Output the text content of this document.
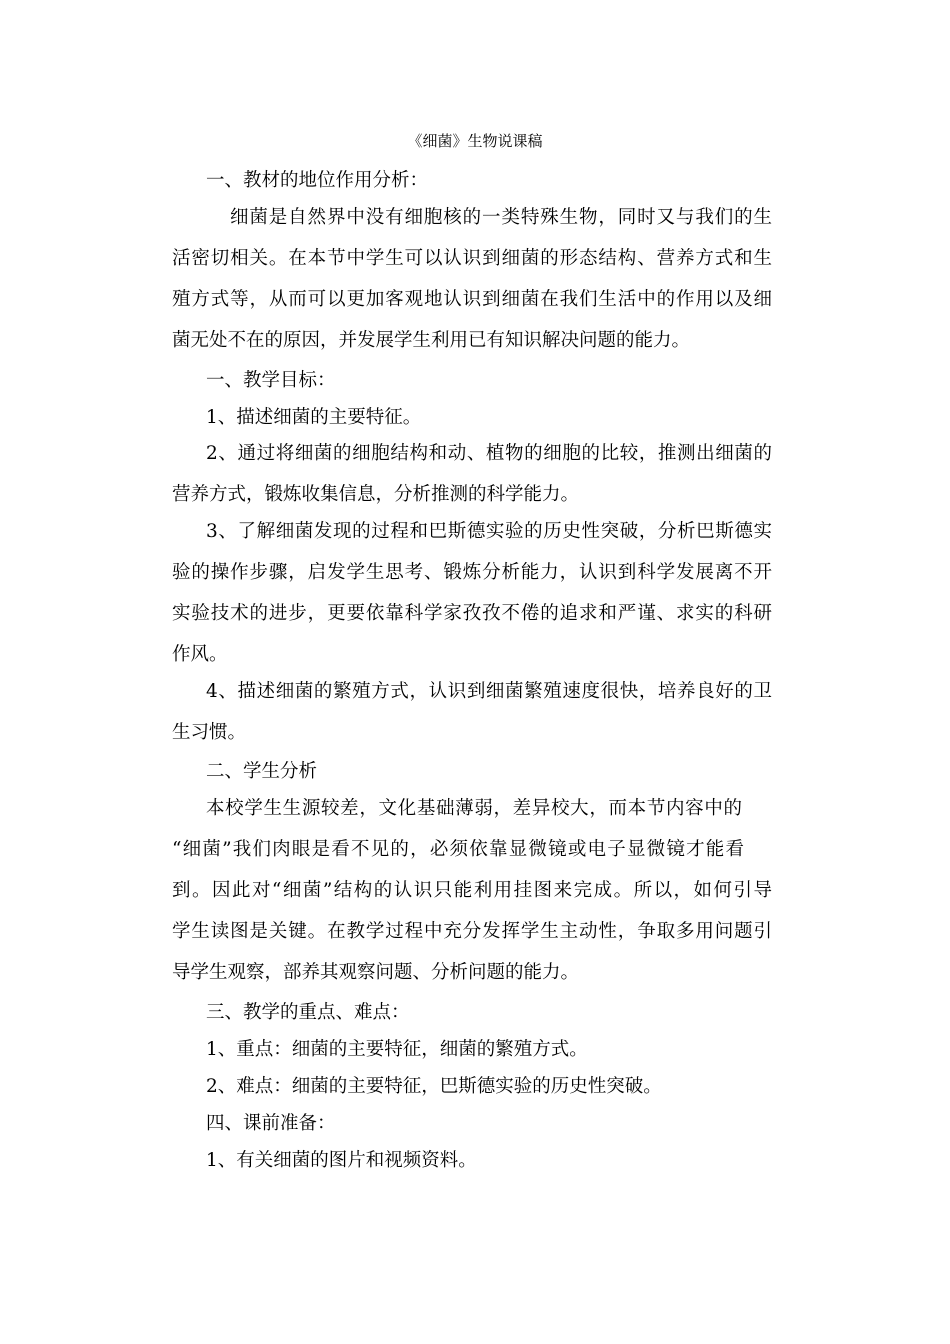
《细菌》生物说课稿
一、教材的地位作用分析：
细菌是自然界中没有细胞核的一类特殊生物，同时又与我们的生
活密切相关。在本节中学生可以认识到细菌的形态结构、营养方式和生
殖方式等，从而可以更加客观地认识到细菌在我们生活中的作用以及细
菌无处不在的原因，并发展学生利用已有知识解决问题的能力。
一、教学目标：
1、描述细菌的主要特征。
2、通过将细菌的细胞结构和动、植物的细胞的比较，推测出细菌的
营养方式，锻炼收集信息，分析推测的科学能力。
3、了解细菌发现的过程和巴斯德实验的历史性突破，分析巴斯德实
验的操作步骤，启发学生思考、锻炼分析能力，认识到科学发展离不开
实验技术的进步，更要依靠科学家孜孜不倦的追求和严谨、求实的科研
作风。
4、描述细菌的繁殖方式，认识到细菌繁殖速度很快，培养良好的卫
生习惯。
二、学生分析
本校学生生源较差，文化基础薄弱，差异校大，而本节内容中的
“细菌”我们肉眼是看不见的，必须依靠显微镜或电子显微镜才能看
到。因此对“细菌”结构的认识只能利用挂图来完成。所以，如何引导
学生读图是关键。在教学过程中充分发挥学生主动性，争取多用问题引
导学生观察，部养其观察问题、分析问题的能力。
三、教学的重点、难点：
1、重点：细菌的主要特征，细菌的繁殖方式。
2、难点：细菌的主要特征，巴斯德实验的历史性突破。
四、课前准备：
1、有关细菌的图片和视频资料。
